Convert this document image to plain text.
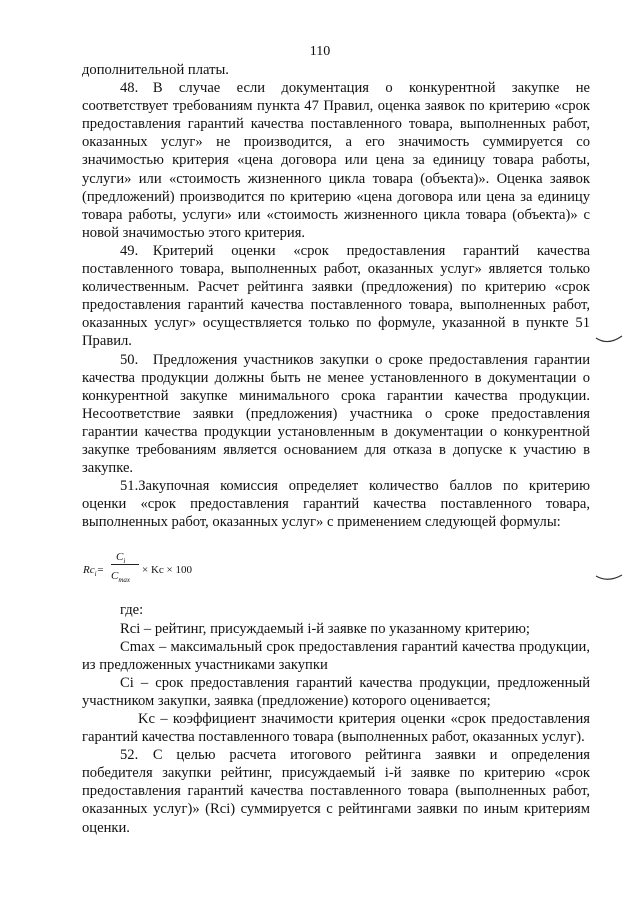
110

дополнительной платы.

48. В случае если документация о конкурентной закупке не соответствует требованиям пункта 47 Правил, оценка заявок по критерию «срок предоставления гарантий качества поставленного товара, выполненных работ, оказанных услуг» не производится, а его значимость суммируется со значимостью критерия «цена договора или цена за единицу товара работы, услуги» или «стоимость жизненного цикла товара (объекта)». Оценка заявок (предложений) производится по критерию «цена договора или цена за единицу товара работы, услуги» или «стоимость жизненного цикла товара (объекта)» с новой значимостью этого критерия.

49. Критерий оценки «срок предоставления гарантий качества поставленного товара, выполненных работ, оказанных услуг» является только количественным. Расчет рейтинга заявки (предложения) по критерию «срок предоставления гарантий качества поставленного товара, выполненных работ, оказанных услуг» осуществляется только по формуле, указанной в пункте 51 Правил.

50. Предложения участников закупки о сроке предоставления гарантии качества продукции должны быть не менее установленного в документации о конкурентной закупке минимального срока гарантии качества продукции. Несоответствие заявки (предложения) участника о сроке предоставления гарантии качества продукции установленным в документации о конкурентной закупке требованиям является основанием для отказа в допуске к участию в закупке.

51.Закупочная комиссия определяет количество баллов по критерию оценки «срок предоставления гарантий качества поставленного товара, выполненных работ, оказанных услуг» с применением следующей формулы:

$Rc_i=$
$C_i$
$C_{max}$
× Kc × 100

где:

Rci – рейтинг, присуждаемый i-й заявке по указанному критерию;

Cmax – максимальный срок предоставления гарантий качества продукции, из предложенных участниками закупки

Ci – срок предоставления гарантий качества продукции, предложенный участником закупки, заявка (предложение) которого оценивается;

Kc – коэффициент значимости критерия оценки «срок предоставления гарантий качества поставленного товара (выполненных работ, оказанных услуг).

52. С целью расчета итогового рейтинга заявки и определения победителя закупки рейтинг, присуждаемый i-й заявке по критерию «срок предоставления гарантий качества поставленного товара (выполненных работ, оказанных услуг)» (Rci) суммируется с рейтингами заявки по иным критериям оценки.
